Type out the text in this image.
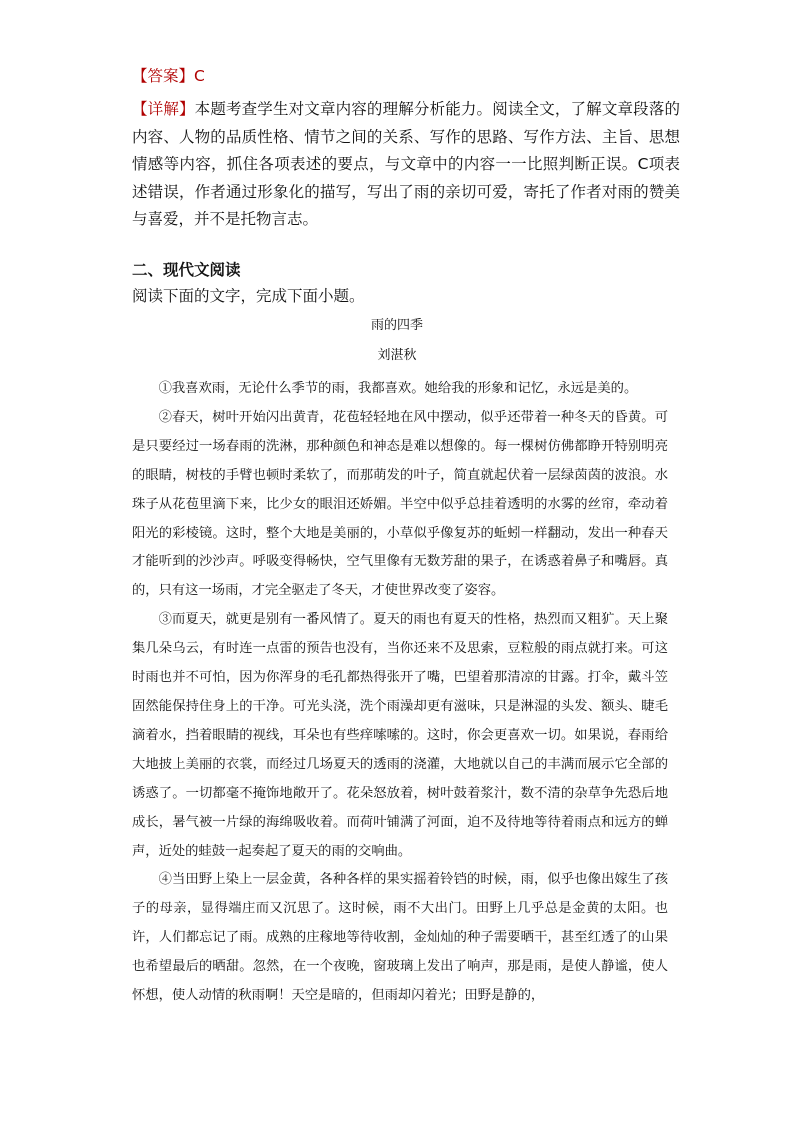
【答案】C
【详解】本题考查学生对文章内容的理解分析能力。阅读全文，了解文章段落的内容、人物的品质性格、情节之间的关系、写作的思路、写作方法、主旨、思想情感等内容，抓住各项表述的要点，与文章中的内容一一比照判断正误。C项表述错误，作者通过形象化的描写，写出了雨的亲切可爱，寄托了作者对雨的赞美与喜爱，并不是托物言志。
二、现代文阅读
阅读下面的文字，完成下面小题。
雨的四季
刘湛秋

①我喜欢雨，无论什么季节的雨，我都喜欢。她给我的形象和记忆，永远是美的。

②春天，树叶开始闪出黄青，花苞轻轻地在风中摆动，似乎还带着一种冬天的昏黄。可是只要经过一场春雨的洗淋，那种颜色和神态是难以想像的。每一棵树仿佛都睁开特别明亮的眼睛，树枝的手臂也顿时柔软了，而那萌发的叶子，简直就起伏着一层绿茵茵的波浪。水珠子从花苞里滴下来，比少女的眼泪还娇媚。半空中似乎总挂着透明的水雾的丝帘，牵动着阳光的彩棱镜。这时，整个大地是美丽的，小草似乎像复苏的蚯蚓一样翻动，发出一种春天才能听到的沙沙声。呼吸变得畅快，空气里像有无数芳甜的果子，在诱惑着鼻子和嘴唇。真的，只有这一场雨，才完全驱走了冬天，才使世界改变了姿容。

③而夏天，就更是别有一番风情了。夏天的雨也有夏天的性格，热烈而又粗犷。天上聚集几朵乌云，有时连一点雷的预告也没有，当你还来不及思索，豆粒般的雨点就打来。可这时雨也并不可怕，因为你浑身的毛孔都热得张开了嘴，巴望着那清凉的甘露。打伞，戴斗笠固然能保持住身上的干净。可光头浇，洗个雨澡却更有滋味，只是淋湿的头发、额头、睫毛滴着水，挡着眼睛的视线，耳朵也有些痒嗦嗦的。这时，你会更喜欢一切。如果说，春雨给大地披上美丽的衣裳，而经过几场夏天的透雨的浇灌，大地就以自己的丰满而展示它全部的诱惑了。一切都毫不掩饰地敞开了。花朵怒放着，树叶鼓着浆汁，数不清的杂草争先恐后地成长，暑气被一片绿的海绵吸收着。而荷叶铺满了河面，迫不及待地等待着雨点和远方的蝉声，近处的蛙鼓一起奏起了夏天的雨的交响曲。

④当田野上染上一层金黄，各种各样的果实摇着铃铛的时候，雨，似乎也像出嫁生了孩子的母亲，显得端庄而又沉思了。这时候，雨不大出门。田野上几乎总是金黄的太阳。也许，人们都忘记了雨。成熟的庄稼地等待收割，金灿灿的种子需要晒干，甚至红透了的山果也希望最后的晒甜。忽然，在一个夜晚，窗玻璃上发出了响声，那是雨，是使人静谧，使人怀想，使人动情的秋雨啊！天空是暗的，但雨却闪着光；田野是静的，
